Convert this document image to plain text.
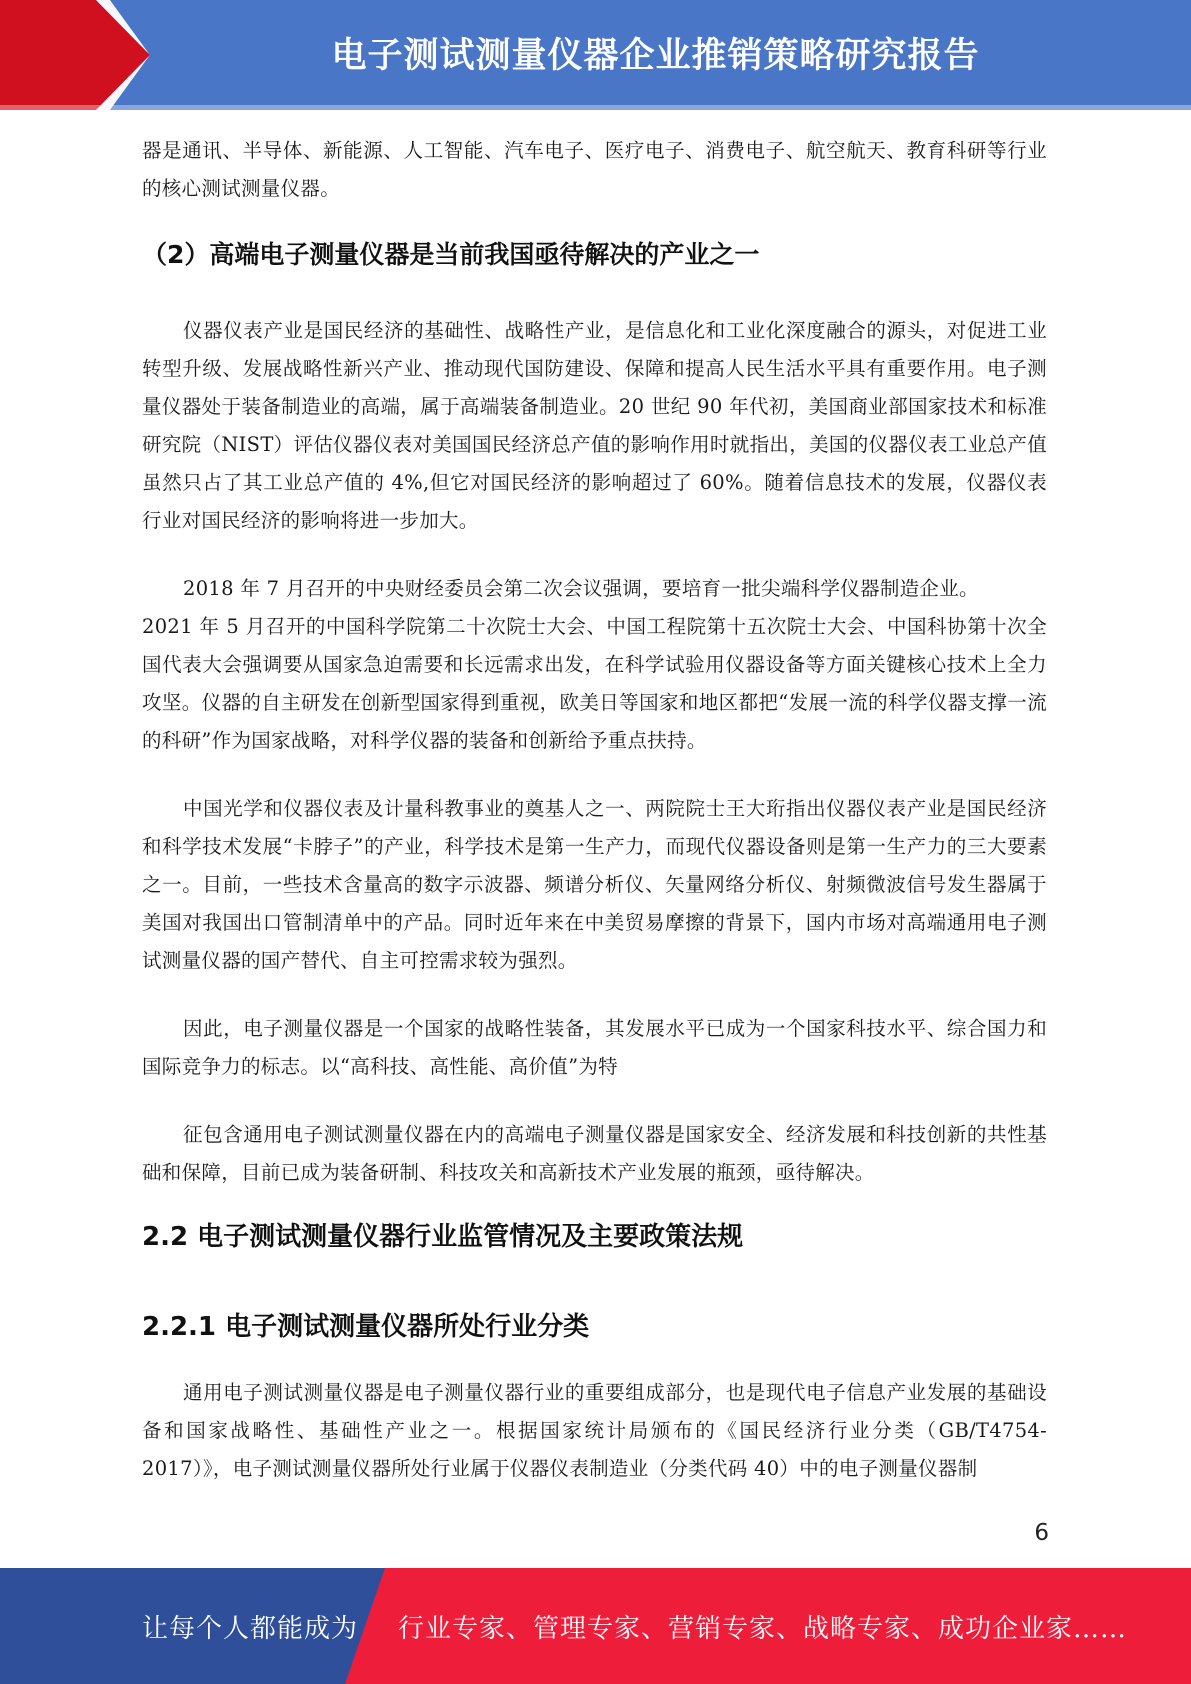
电子测试测量仪器企业推销策略研究报告

器是通讯、半导体、新能源、人工智能、汽车电子、医疗电子、消费电子、航空航天、教育科研等行业的核心测试测量仪器。

（2）高端电子测量仪器是当前我国亟待解决的产业之一

仪器仪表产业是国民经济的基础性、战略性产业，是信息化和工业化深度融合的源头，对促进工业转型升级、发展战略性新兴产业、推动现代国防建设、保障和提高人民生活水平具有重要作用。电子测量仪器处于装备制造业的高端，属于高端装备制造业。20 世纪 90 年代初，美国商业部国家技术和标准研究院（NIST）评估仪器仪表对美国国民经济总产值的影响作用时就指出，美国的仪器仪表工业总产值虽然只占了其工业总产值的 4%,但它对国民经济的影响超过了 60%。随着信息技术的发展，仪器仪表行业对国民经济的影响将进一步加大。

2018 年 7 月召开的中央财经委员会第二次会议强调，要培育一批尖端科学仪器制造企业。

2021 年 5 月召开的中国科学院第二十次院士大会、中国工程院第十五次院士大会、中国科协第十次全国代表大会强调要从国家急迫需要和长远需求出发，在科学试验用仪器设备等方面关键核心技术上全力攻坚。仪器的自主研发在创新型国家得到重视，欧美日等国家和地区都把“发展一流的科学仪器支撑一流的科研”作为国家战略，对科学仪器的装备和创新给予重点扶持。

中国光学和仪器仪表及计量科教事业的奠基人之一、两院院士王大珩指出仪器仪表产业是国民经济和科学技术发展“卡脖子”的产业，科学技术是第一生产力，而现代仪器设备则是第一生产力的三大要素之一。目前，一些技术含量高的数字示波器、频谱分析仪、矢量网络分析仪、射频微波信号发生器属于美国对我国出口管制清单中的产品。同时近年来在中美贸易摩擦的背景下，国内市场对高端通用电子测试测量仪器的国产替代、自主可控需求较为强烈。

因此，电子测量仪器是一个国家的战略性装备，其发展水平已成为一个国家科技水平、综合国力和国际竞争力的标志。以“高科技、高性能、高价值”为特

征包含通用电子测试测量仪器在内的高端电子测量仪器是国家安全、经济发展和科技创新的共性基础和保障，目前已成为装备研制、科技攻关和高新技术产业发展的瓶颈，亟待解决。

2.2 电子测试测量仪器行业监管情况及主要政策法规
2.2.1 电子测试测量仪器所处行业分类

通用电子测试测量仪器是电子测量仪器行业的重要组成部分，也是现代电子信息产业发展的基础设备和国家战略性、基础性产业之一。根据国家统计局颁布的《国民经济行业分类（GB/T4754-2017）》，电子测试测量仪器所处行业属于仪器仪表制造业（分类代码 40）中的电子测量仪器制

6
让每个人都能成为 行业专家、管理专家、营销专家、战略专家、成功企业家……
